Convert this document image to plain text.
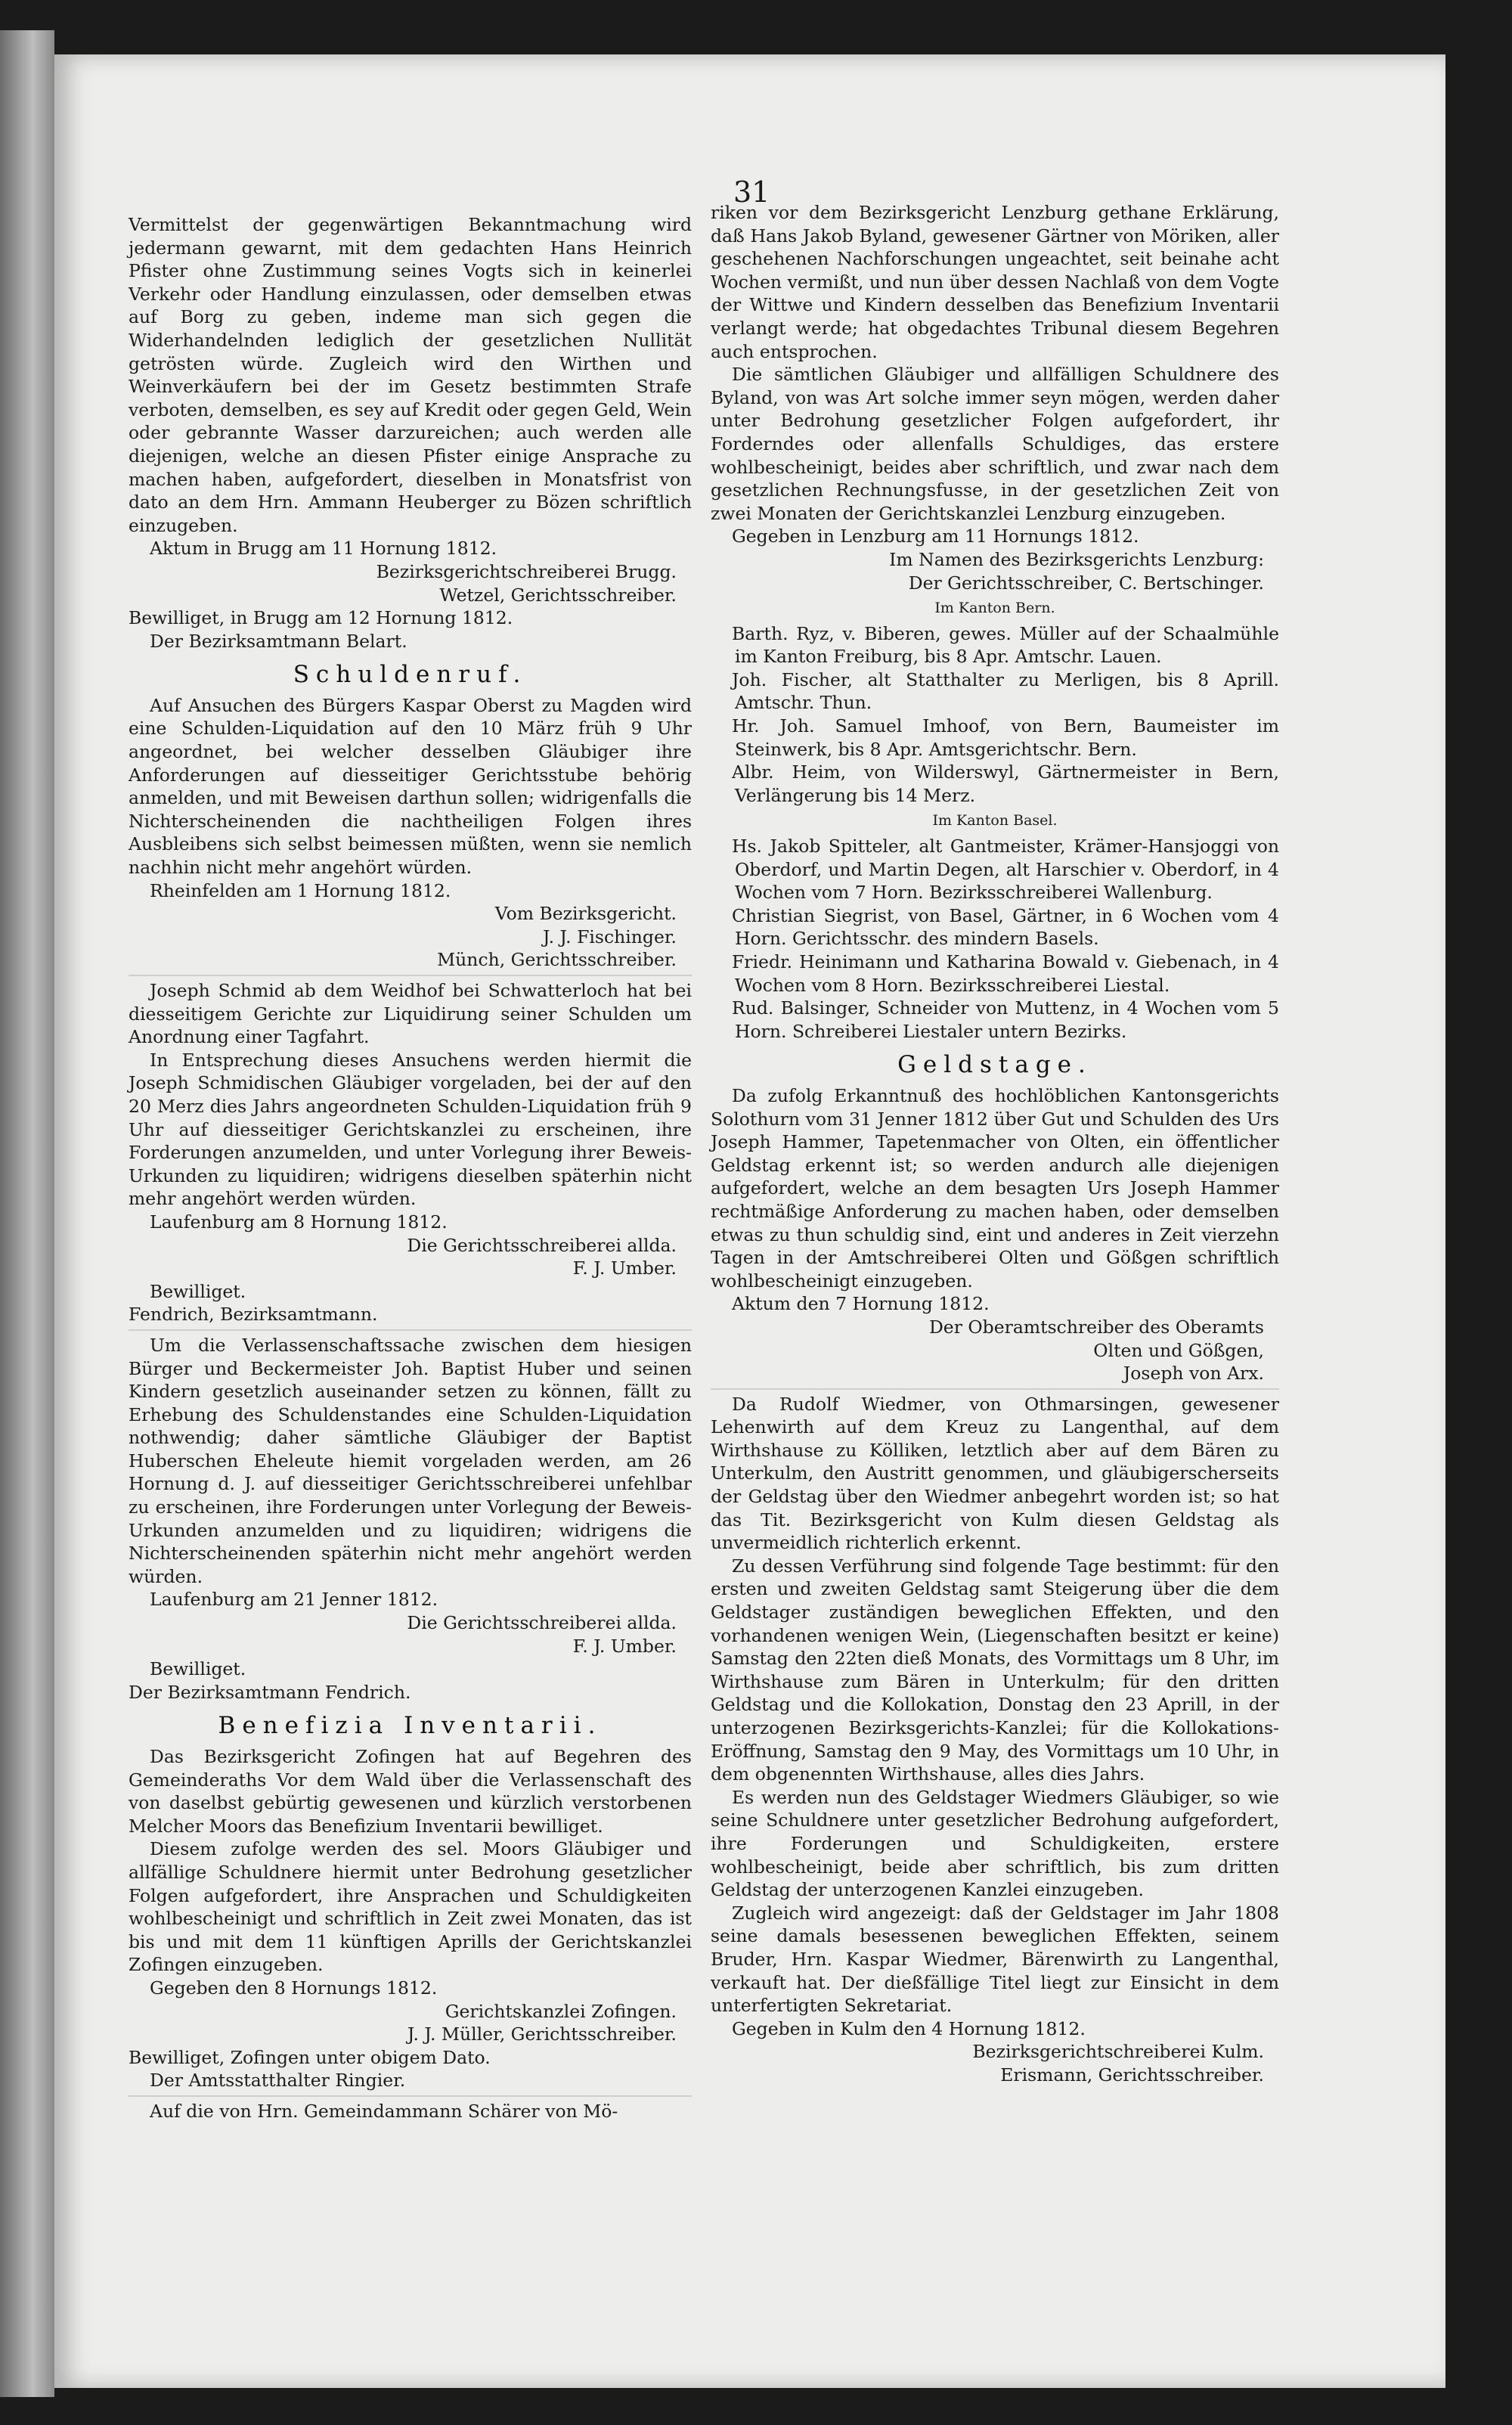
31

Vermittelst der gegenwärtigen Bekanntmachung wird jedermann gewarnt, mit dem gedachten Hans Heinrich Pfister ohne Zustimmung seines Vogts sich in keinerlei Verkehr oder Handlung einzulassen, oder demselben etwas auf Borg zu geben, indeme man sich gegen die Widerhandelnden lediglich der gesetzlichen Nullität getrösten würde. Zugleich wird den Wirthen und Weinverkäufern bei der im Gesetz bestimmten Strafe verboten, demselben, es sey auf Kredit oder gegen Geld, Wein oder gebrannte Wasser darzureichen; auch werden alle diejenigen, welche an diesen Pfister einige Ansprache zu machen haben, aufgefordert, dieselben in Monatsfrist von dato an dem Hrn. Ammann Heuberger zu Bözen schriftlich einzugeben.

Aktum in Brugg am 11 Hornung 1812.

Bezirksgerichtschreiberei Brugg.

Wetzel, Gerichtsschreiber.

Bewilliget, in Brugg am 12 Hornung 1812.

Der Bezirksamtmann Belart.

Schuldenruf.

Auf Ansuchen des Bürgers Kaspar Oberst zu Magden wird eine Schulden-Liquidation auf den 10 März früh 9 Uhr angeordnet, bei welcher desselben Gläubiger ihre Anforderungen auf diesseitiger Gerichtsstube behörig anmelden, und mit Beweisen darthun sollen; widrigenfalls die Nichterscheinenden die nachtheiligen Folgen ihres Ausbleibens sich selbst beimessen müßten, wenn sie nemlich nachhin nicht mehr angehört würden.

Rheinfelden am 1 Hornung 1812.

Vom Bezirksgericht.

J. J. Fischinger.

Münch, Gerichtsschreiber.

Joseph Schmid ab dem Weidhof bei Schwatterloch hat bei diesseitigem Gerichte zur Liquidirung seiner Schulden um Anordnung einer Tagfahrt.

In Entsprechung dieses Ansuchens werden hiermit die Joseph Schmidischen Gläubiger vorgeladen, bei der auf den 20 Merz dies Jahrs angeordneten Schulden-Liquidation früh 9 Uhr auf diesseitiger Gerichtskanzlei zu erscheinen, ihre Forderungen anzumelden, und unter Vorlegung ihrer Beweis-Urkunden zu liquidiren; widrigens dieselben späterhin nicht mehr angehört werden würden.

Laufenburg am 8 Hornung 1812.

Die Gerichtsschreiberei allda.

F. J. Umber.

Bewilliget.

Fendrich, Bezirksamtmann.

Um die Verlassenschaftssache zwischen dem hiesigen Bürger und Beckermeister Joh. Baptist Huber und seinen Kindern gesetzlich auseinander setzen zu können, fällt zu Erhebung des Schuldenstandes eine Schulden-Liquidation nothwendig; daher sämtliche Gläubiger der Baptist Huberschen Eheleute hiemit vorgeladen werden, am 26 Hornung d. J. auf diesseitiger Gerichtsschreiberei unfehlbar zu erscheinen, ihre Forderungen unter Vorlegung der Beweis-Urkunden anzumelden und zu liquidiren; widrigens die Nichterscheinenden späterhin nicht mehr angehört werden würden.

Laufenburg am 21 Jenner 1812.

Die Gerichtsschreiberei allda.

F. J. Umber.

Bewilliget.

Der Bezirksamtmann Fendrich.

Benefizia Inventarii.

Das Bezirksgericht Zofingen hat auf Begehren des Gemeinderaths Vor dem Wald über die Verlassenschaft des von daselbst gebürtig gewesenen und kürzlich verstorbenen Melcher Moors das Benefizium Inventarii bewilliget.

Diesem zufolge werden des sel. Moors Gläubiger und allfällige Schuldnere hiermit unter Bedrohung gesetzlicher Folgen aufgefordert, ihre Ansprachen und Schuldigkeiten wohlbescheinigt und schriftlich in Zeit zwei Monaten, das ist bis und mit dem 11 künftigen Aprills der Gerichtskanzlei Zofingen einzugeben.

Gegeben den 8 Hornungs 1812.

Gerichtskanzlei Zofingen.

J. J. Müller, Gerichtsschreiber.

Bewilliget, Zofingen unter obigem Dato.

Der Amtsstatthalter Ringier.

Auf die von Hrn. Gemeindammann Schärer von Mö-

riken vor dem Bezirksgericht Lenzburg gethane Erklärung, daß Hans Jakob Byland, gewesener Gärtner von Möriken, aller geschehenen Nachforschungen ungeachtet, seit beinahe acht Wochen vermißt, und nun über dessen Nachlaß von dem Vogte der Wittwe und Kindern desselben das Benefizium Inventarii verlangt werde; hat obgedachtes Tribunal diesem Begehren auch entsprochen.

Die sämtlichen Gläubiger und allfälligen Schuldnere des Byland, von was Art solche immer seyn mögen, werden daher unter Bedrohung gesetzlicher Folgen aufgefordert, ihr Forderndes oder allenfalls Schuldiges, das erstere wohlbescheinigt, beides aber schriftlich, und zwar nach dem gesetzlichen Rechnungsfusse, in der gesetzlichen Zeit von zwei Monaten der Gerichtskanzlei Lenzburg einzugeben.

Gegeben in Lenzburg am 11 Hornungs 1812.

Im Namen des Bezirksgerichts Lenzburg:

Der Gerichtsschreiber, C. Bertschinger.

Im Kanton Bern.

Barth. Ryz, v. Biberen, gewes. Müller auf der Schaalmühle im Kanton Freiburg, bis 8 Apr. Amtschr. Lauen.

Joh. Fischer, alt Statthalter zu Merligen, bis 8 Aprill. Amtschr. Thun.

Hr. Joh. Samuel Imhoof, von Bern, Baumeister im Steinwerk, bis 8 Apr. Amtsgerichtschr. Bern.

Albr. Heim, von Wilderswyl, Gärtnermeister in Bern, Verlängerung bis 14 Merz.

Im Kanton Basel.

Hs. Jakob Spitteler, alt Gantmeister, Krämer-Hansjoggi von Oberdorf, und Martin Degen, alt Harschier v. Oberdorf, in 4 Wochen vom 7 Horn. Bezirksschreiberei Wallenburg.

Christian Siegrist, von Basel, Gärtner, in 6 Wochen vom 4 Horn. Gerichtsschr. des mindern Basels.

Friedr. Heinimann und Katharina Bowald v. Giebenach, in 4 Wochen vom 8 Horn. Bezirksschreiberei Liestal.

Rud. Balsinger, Schneider von Muttenz, in 4 Wochen vom 5 Horn. Schreiberei Liestaler untern Bezirks.

Geldstage.

Da zufolg Erkanntnuß des hochlöblichen Kantonsgerichts Solothurn vom 31 Jenner 1812 über Gut und Schulden des Urs Joseph Hammer, Tapetenmacher von Olten, ein öffentlicher Geldstag erkennt ist; so werden andurch alle diejenigen aufgefordert, welche an dem besagten Urs Joseph Hammer rechtmäßige Anforderung zu machen haben, oder demselben etwas zu thun schuldig sind, eint und anderes in Zeit vierzehn Tagen in der Amtschreiberei Olten und Gößgen schriftlich wohlbescheinigt einzugeben.

Aktum den 7 Hornung 1812.

Der Oberamtschreiber des Oberamts

Olten und Gößgen,

Joseph von Arx.

Da Rudolf Wiedmer, von Othmarsingen, gewesener Lehenwirth auf dem Kreuz zu Langenthal, auf dem Wirthshause zu Kölliken, letztlich aber auf dem Bären zu Unterkulm, den Austritt genommen, und gläubigerscherseits der Geldstag über den Wiedmer anbegehrt worden ist; so hat das Tit. Bezirksgericht von Kulm diesen Geldstag als unvermeidlich richterlich erkennt.

Zu dessen Verführung sind folgende Tage bestimmt: für den ersten und zweiten Geldstag samt Steigerung über die dem Geldstager zuständigen beweglichen Effekten, und den vorhandenen wenigen Wein, (Liegenschaften besitzt er keine) Samstag den 22ten dieß Monats, des Vormittags um 8 Uhr, im Wirthshause zum Bären in Unterkulm; für den dritten Geldstag und die Kollokation, Donstag den 23 Aprill, in der unterzogenen Bezirksgerichts-Kanzlei; für die Kollokations-Eröffnung, Samstag den 9 May, des Vormittags um 10 Uhr, in dem obgenennten Wirthshause, alles dies Jahrs.

Es werden nun des Geldstager Wiedmers Gläubiger, so wie seine Schuldnere unter gesetzlicher Bedrohung aufgefordert, ihre Forderungen und Schuldigkeiten, erstere wohlbescheinigt, beide aber schriftlich, bis zum dritten Geldstag der unterzogenen Kanzlei einzugeben.

Zugleich wird angezeigt: daß der Geldstager im Jahr 1808 seine damals besessenen beweglichen Effekten, seinem Bruder, Hrn. Kaspar Wiedmer, Bärenwirth zu Langenthal, verkauft hat. Der dießfällige Titel liegt zur Einsicht in dem unterfertigten Sekretariat.

Gegeben in Kulm den 4 Hornung 1812.

Bezirksgerichtschreiberei Kulm.

Erismann, Gerichtsschreiber.
